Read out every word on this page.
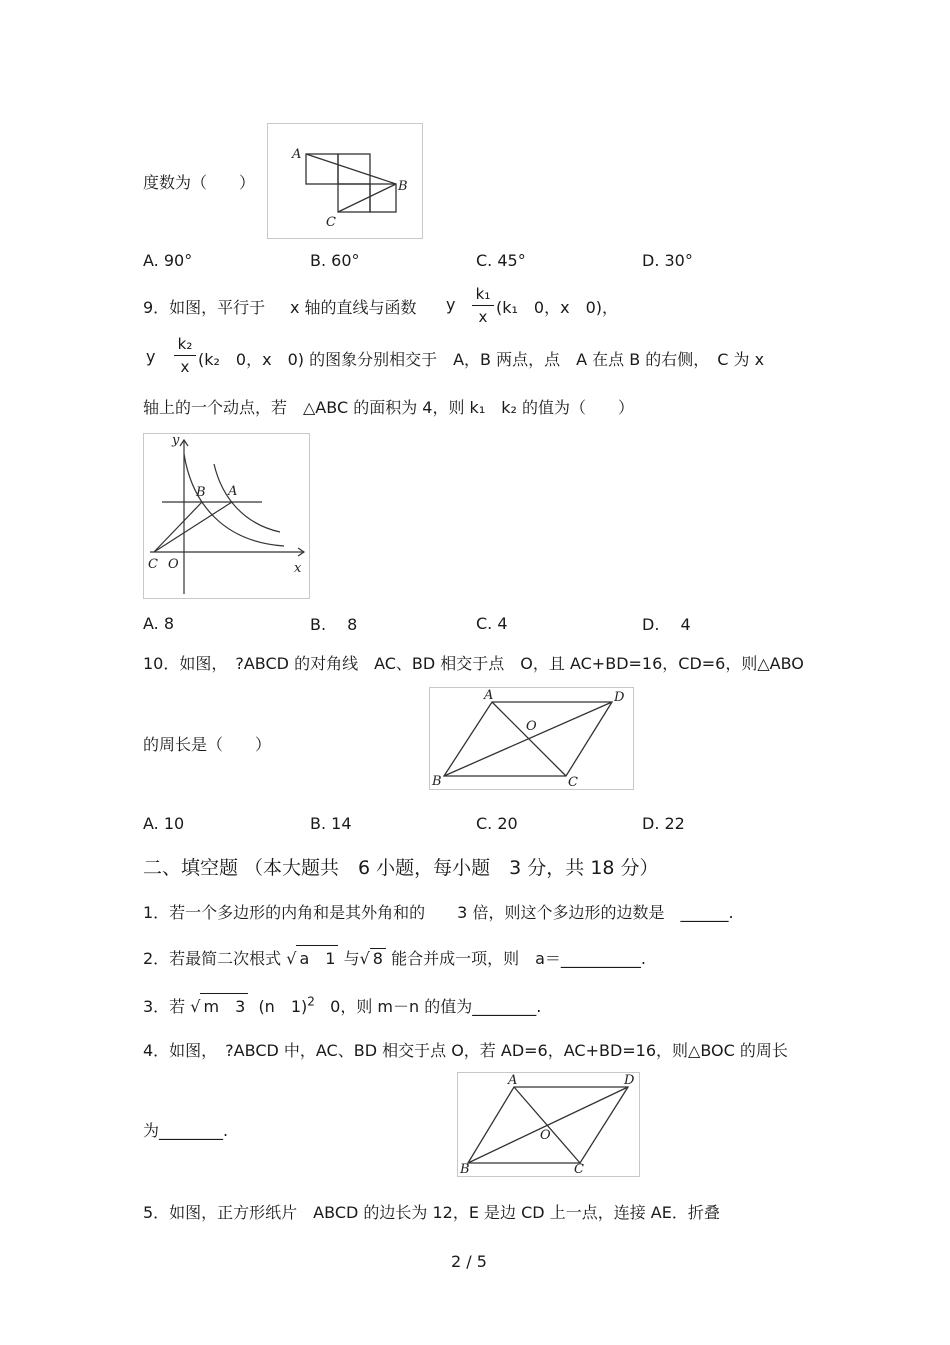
度数为（　　）
A
B
C
A. 90°	B. 60°	C. 45°	D. 30°
9．如图，平行于 x 轴的直线与函数 y
k₁
x (k₁　0，x　0)，
y
k₂
x (k₂　0，x　0) 的图象分别相交于　A，B 两点，点　A 在点 B 的右侧，　C 为 x
轴上的一个动点，若　△ABC 的面积为 4，则 k₁　k₂ 的值为（　　）
y
B A
C O	x
A. 8	B.　 8	C. 4	D.　 4
10．如图，　?ABCD 的对角线　AC、BD 相交于点　O，且 AC+BD=16，CD=6，则△ABO
的周长是（　　）
A	D
O
B	C
A. 10	B. 14	C. 20	D. 22
二、填空题 （本大题共　6 小题，每小题　3 分，共 18 分）
1．若一个多边形的内角和是其外角和的　　3 倍，则这个多边形的边数是　______.
2．若最简二次根式 √ a　1 与√ 8 能合并成一项，则　a＝__________.
3．若 √ m　3 (n　1)$^2$ 0，则 m－n 的值为________.
4．如图，　?ABCD 中，AC、BD 相交于点 O，若 AD=6，AC+BD=16，则△BOC 的周长
为________.
A	D
O
B	C
5．如图，正方形纸片　ABCD 的边长为 12，E 是边 CD 上一点，连接 AE．折叠
2 / 5
